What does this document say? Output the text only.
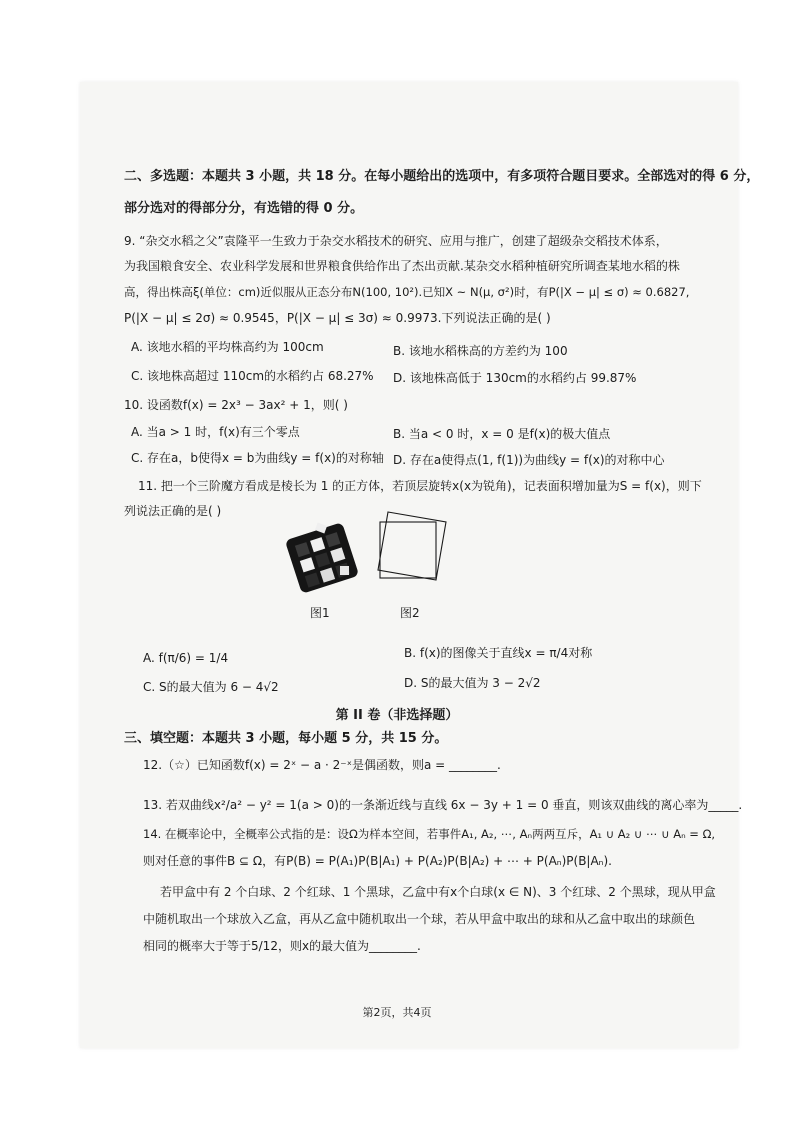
二、多选题：本题共 3 小题，共 18 分。在每小题给出的选项中，有多项符合题目要求。全部选对的得 6 分，
部分选对的得部分分，有选错的得 0 分。
9. “杂交水稻之父”袁隆平一生致力于杂交水稻技术的研究、应用与推广，创建了超级杂交稻技术体系，
为我国粮食安全、农业科学发展和世界粮食供给作出了杰出贡献.某杂交水稻种植研究所调查某地水稻的株
高，得出株高ξ(单位：cm)近似服从正态分布N(100, 10²).已知X ~ N(μ, σ²)时，有P(|X − μ| ≤ σ) ≈ 0.6827,
P(|X − μ| ≤ 2σ) ≈ 0.9545，P(|X − μ| ≤ 3σ) ≈ 0.9973.下列说法正确的是( )
A. 该地水稻的平均株高约为 100cm	B. 该地水稻株高的方差约为 100
C. 该地株高超过 110cm的水稻约占 68.27% D. 该地株高低于 130cm的水稻约占 99.87%
10. 设函数f(x) = 2x³ − 3ax² + 1，则( )
A. 当a > 1 时，f(x)有三个零点	B. 当a < 0 时，x = 0 是f(x)的极大值点
C. 存在a，b使得x = b为曲线y = f(x)的对称轴 D. 存在a使得点(1, f(1))为曲线y = f(x)的对称中心
11. 把一个三阶魔方看成是棱长为 1 的正方体，若顶层旋转x(x为锐角)，记表面积增加量为S = f(x)，则下
列说法正确的是( )
图1	图2
A. f(π/6) = 1/4	B. f(x)的图像关于直线x = π/4对称
C. S的最大值为 6 − 4√2	D. S的最大值为 3 − 2√2
第 II 卷（非选择题）
三、填空题：本题共 3 小题，每小题 5 分，共 15 分。
12.（☆）已知函数f(x) = 2ˣ − a · 2⁻ˣ是偶函数，则a = ________.
13. 若双曲线x²/a² − y² = 1(a > 0)的一条渐近线与直线 6x − 3y + 1 = 0 垂直，则该双曲线的离心率为_____.
14. 在概率论中，全概率公式指的是：设Ω为样本空间，若事件A₁, A₂, ⋯, Aₙ两两互斥，A₁ ∪ A₂ ∪ ⋯ ∪ Aₙ = Ω,
则对任意的事件B ⊆ Ω，有P(B) = P(A₁)P(B|A₁) + P(A₂)P(B|A₂) + ⋯ + P(Aₙ)P(B|Aₙ).
若甲盒中有 2 个白球、2 个红球、1 个黑球，乙盒中有x个白球(x ∈ N)、3 个红球、2 个黑球，现从甲盒
中随机取出一个球放入乙盒，再从乙盒中随机取出一个球，若从甲盒中取出的球和从乙盒中取出的球颜色
相同的概率大于等于5/12，则x的最大值为________.
第2页，共4页
